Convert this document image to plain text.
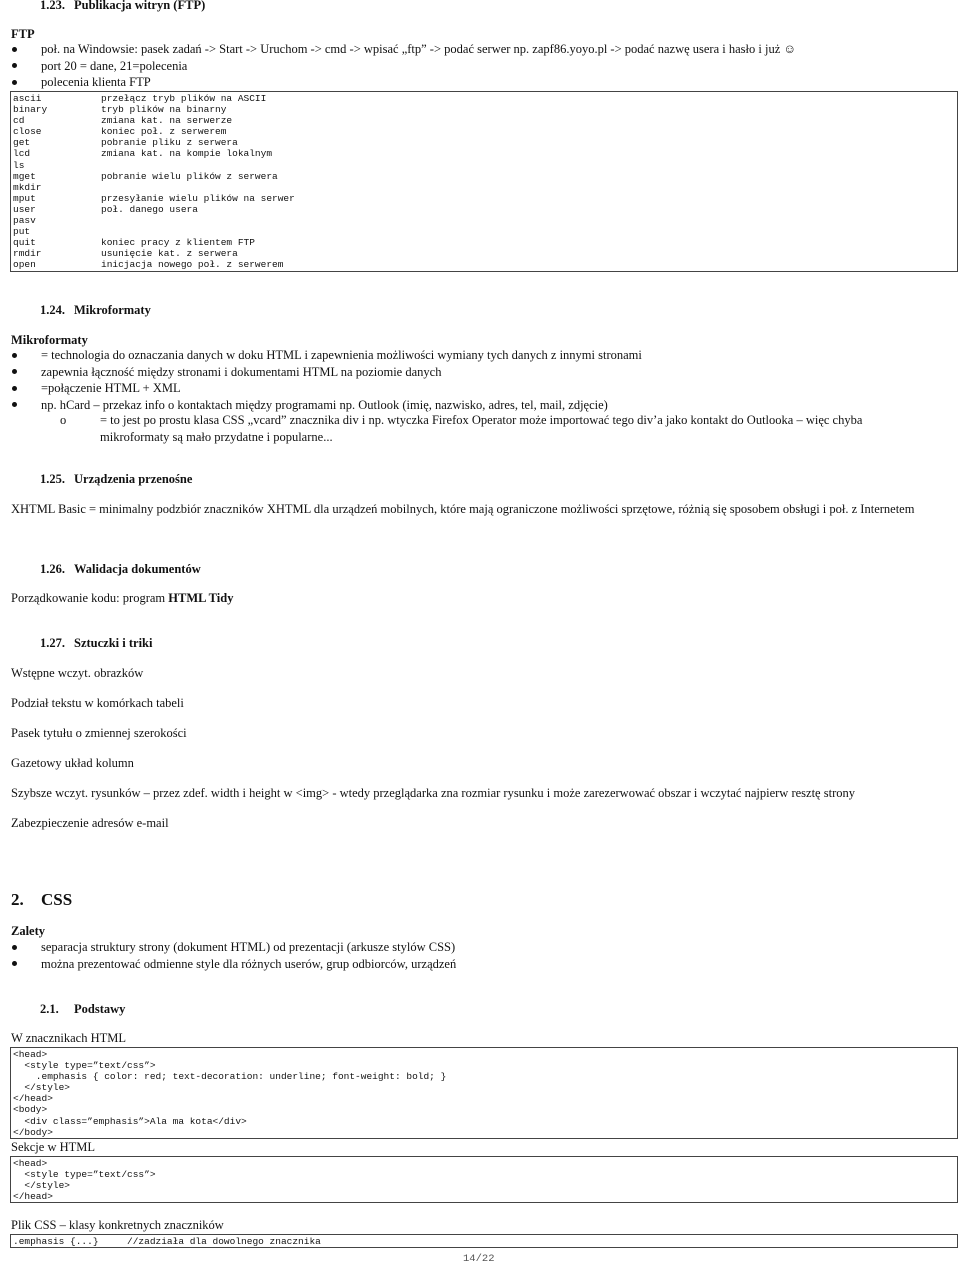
1.23. Publikacja witryn (FTP)
FTP
poł. na Windowsie: pasek zadań -> Start -> Uruchom -> cmd -> wpisać „ftp” -> podać serwer np. zapf86.yoyo.pl -> podać nazwę usera i hasło i już ☺
port 20 = dane, 21=polecenia
polecenia klienta FTP
ascii	przełącz tryb plików na ASCII
binary	tryb plików na binarny
cd	zmiana kat. na serwerze
close	koniec poł. z serwerem
get	pobranie pliku z serwera
lcd	zmiana kat. na kompie lokalnym
ls
mget	pobranie wielu plików z serwera
mkdir
mput	przesyłanie wielu plików na serwer
user	poł. danego usera
pasv
put
quit	koniec pracy z klientem FTP
rmdir	usunięcie kat. z serwera
open	inicjacja nowego poł. z serwerem
1.24. Mikroformaty
Mikroformaty
= technologia do oznaczania danych w doku HTML i zapewnienia możliwości wymiany tych danych z innymi stronami
zapewnia łączność między stronami i dokumentami HTML na poziomie danych
=połączenie HTML + XML
np. hCard – przekaz info o kontaktach między programami np. Outlook (imię, nazwisko, adres, tel, mail, zdjęcie)
o	= to jest po prostu klasa CSS „vcard” znacznika div i np. wtyczka Firefox Operator może importować tego div’a jako kontakt do Outlooka – więc chyba mikroformaty są mało przydatne i popularne...
1.25. Urządzenia przenośne
XHTML Basic = minimalny podzbiór znaczników XHTML dla urządzeń mobilnych, które mają ograniczone możliwości sprzętowe, różnią się sposobem obsługi i poł. z Internetem
1.26. Walidacja dokumentów
Porządkowanie kodu: program HTML Tidy
1.27. Sztuczki i triki
Wstępne wczyt. obrazków
Podział tekstu w komórkach tabeli
Pasek tytułu o zmiennej szerokości
Gazetowy układ kolumn
Szybsze wczyt. rysunków – przez zdef. width i height w <img> - wtedy przeglądarka zna rozmiar rysunku i może zarezerwować obszar i wczytać najpierw resztę strony
Zabezpieczenie adresów e-mail
2. CSS
Zalety
separacja struktury strony (dokument HTML) od prezentacji (arkusze stylów CSS)
można prezentować odmienne style dla różnych userów, grup odbiorców, urządzeń
2.1. Podstawy
W znacznikach HTML
<head>
<style type=”text/css”>
.emphasis { color: red; text-decoration: underline; font-weight: bold; }
</style>
</head>
<body>
<div class=”emphasis”>Ala ma kota</div>
</body>
Sekcje w HTML
<head>
<style type=”text/css”>
</style>
</head>
Plik CSS – klasy konkretnych znaczników
.emphasis {...}     //zadziała dla dowolnego znacznika
14/22
